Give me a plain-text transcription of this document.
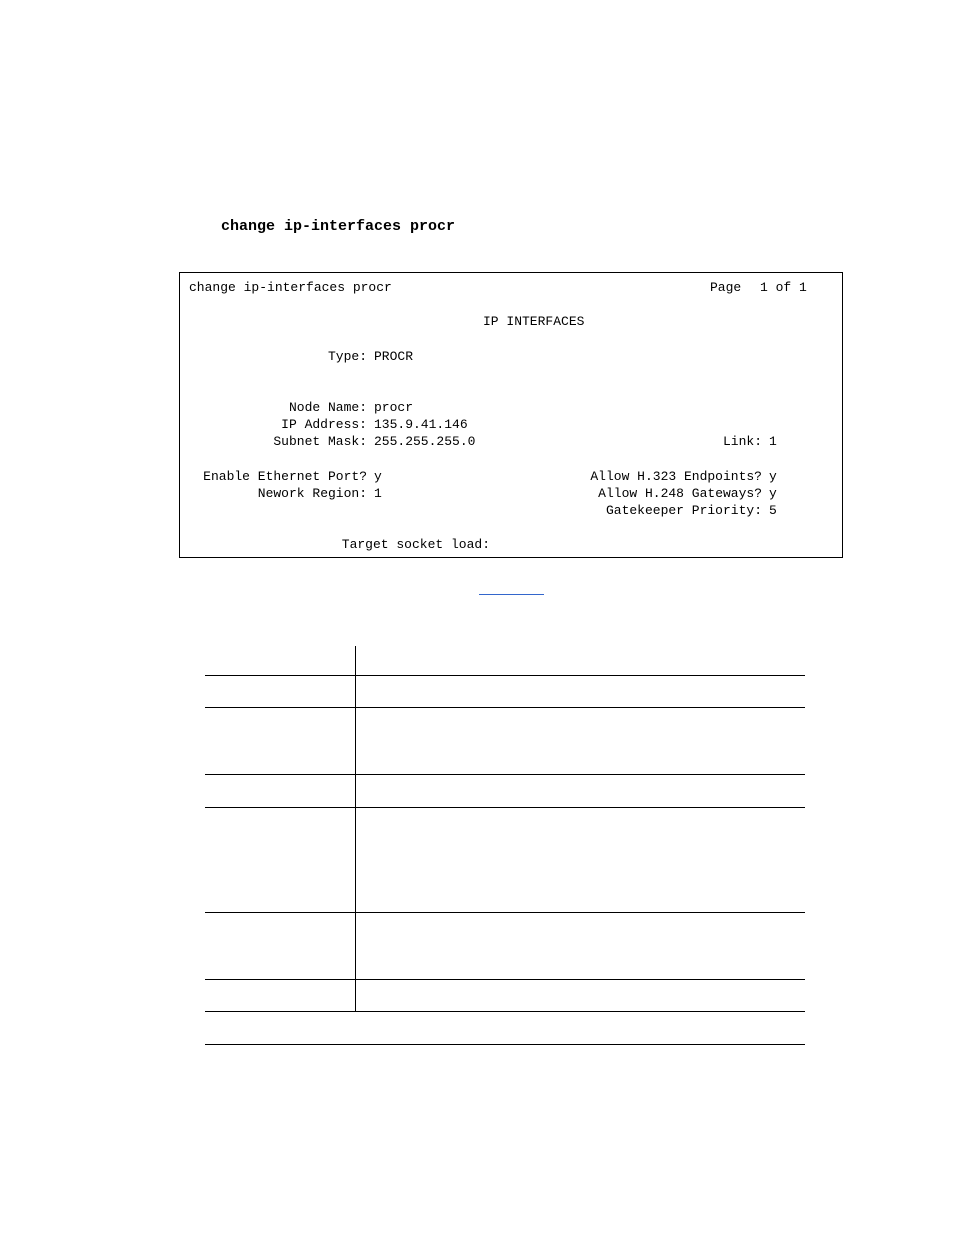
change ip-interfaces procr
change ip-interfaces procr	Page 1 of 1
IP INTERFACES
Type: PROCR
Node Name: procr
IP Address: 135.9.41.146
Subnet Mask: 255.255.255.0	Link: 1
Enable Ethernet Port? y
Nework Region: 1
Allow H.323 Endpoints? y
Allow H.248 Gateways? y
Gatekeeper Priority: 5
Target socket load:
